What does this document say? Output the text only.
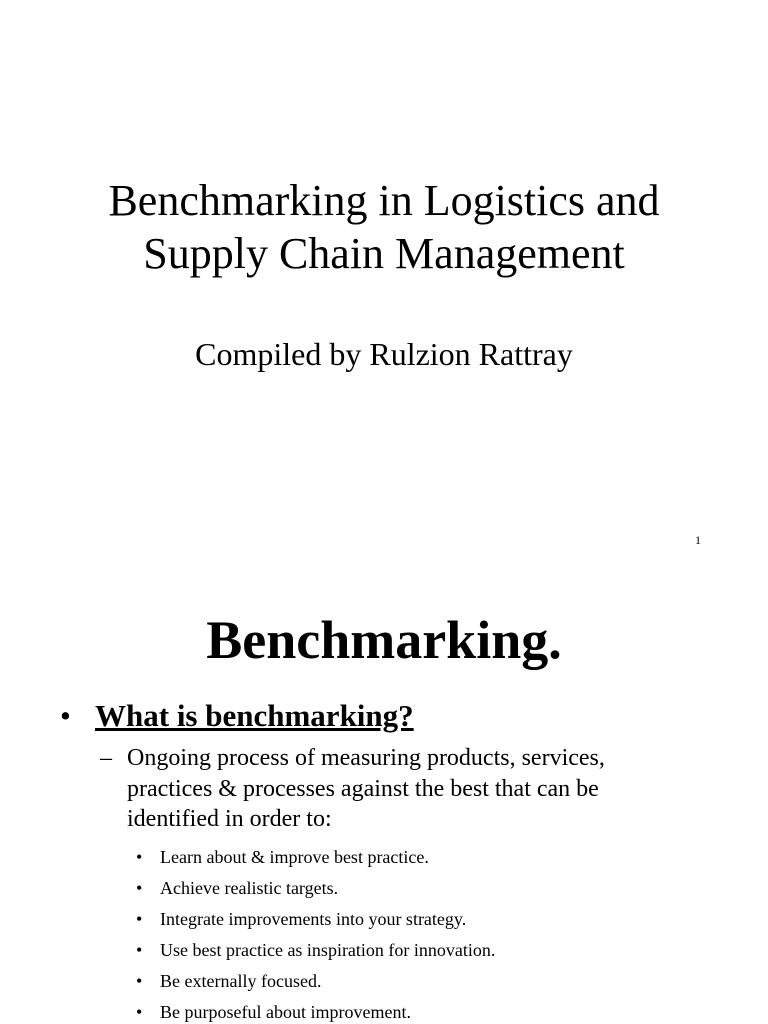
Benchmarking in Logistics and
Supply Chain Management

Compiled by Rulzion Rattray

1
Benchmarking.
• What is benchmarking?
– Ongoing process of measuring products, services, practices & processes against the best that can be identified in order to:
• Learn about & improve best practice.
• Achieve realistic targets.
• Integrate improvements into your strategy.
• Use best practice as inspiration for innovation.
• Be externally focused.
• Be purposeful about improvement.
